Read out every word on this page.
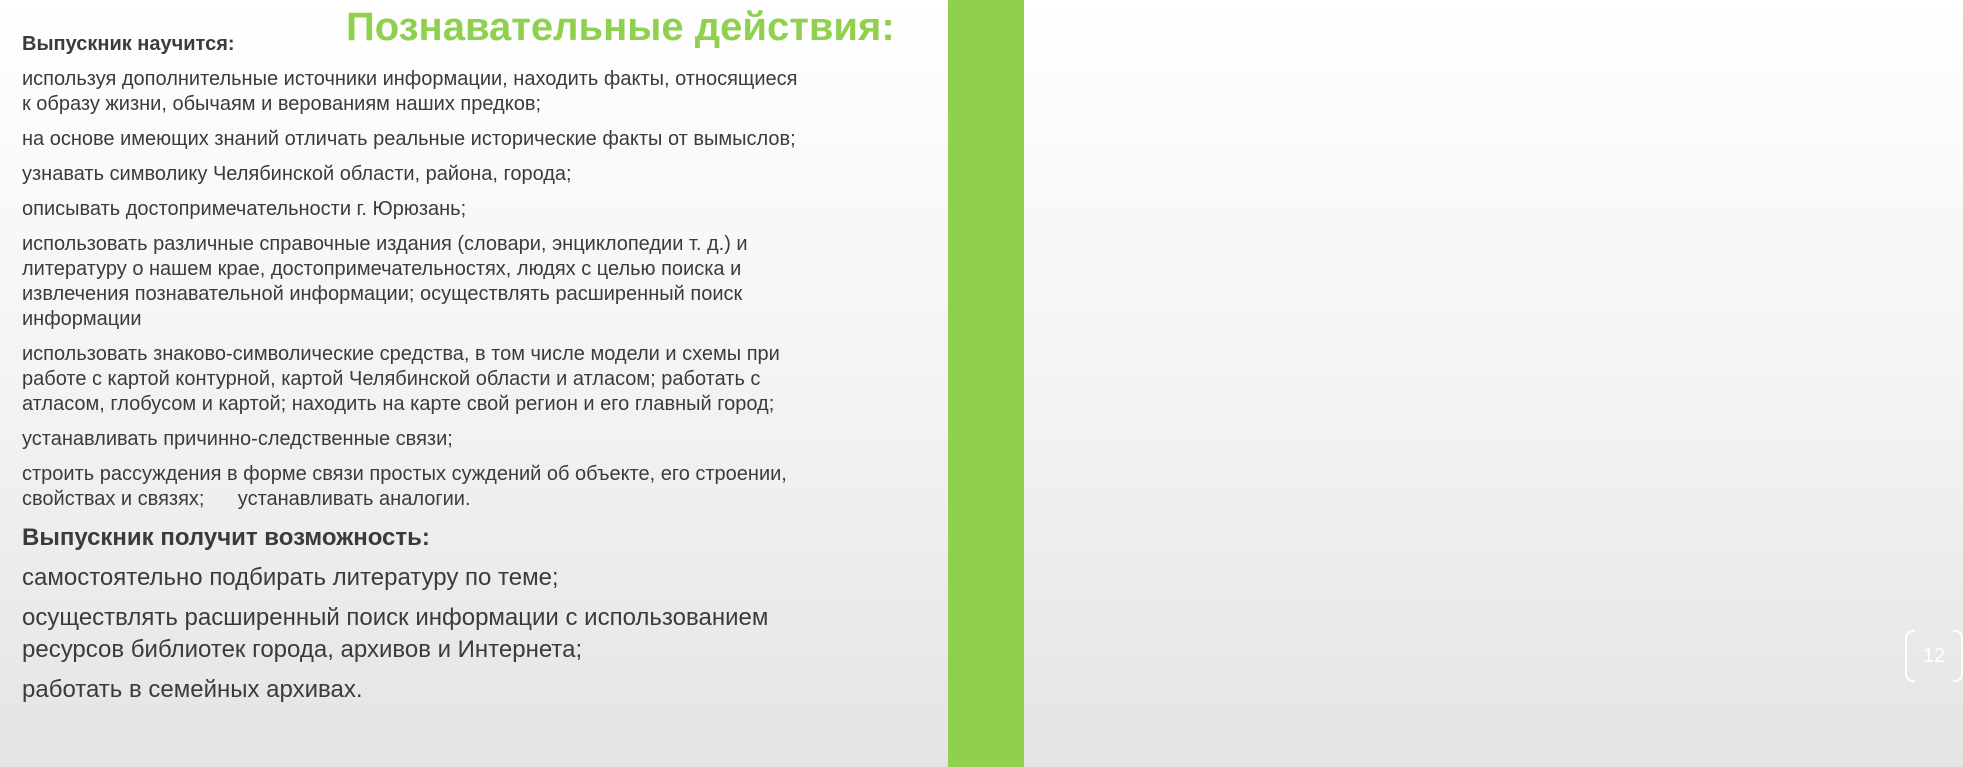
12
Познавательные действия:

Выпускник научится:

используя дополнительные источники информации, находить факты, относящиеся
к образу жизни, обычаям и верованиям наших предков;
на основе имеющих знаний отличать реальные исторические факты от вымыслов;
узнавать символику Челябинской области, района, города;
описывать достопримечательности г. Юрюзань;
использовать различные справочные издания (словари, энциклопедии т. д.) и
литературу о нашем крае, достопримечательностях, людях с целью поиска и
извлечения познавательной информации; осуществлять расширенный поиск
информации
использовать знаково-символические средства, в том числе модели и схемы при
работе с картой контурной, картой Челябинской области и атласом; работать с
атласом, глобусом и картой; находить на карте свой регион и его главный город;
устанавливать причинно-следственные связи;
строить рассуждения в форме связи простых суждений об объекте, его строении,
свойствах и связях;      устанавливать аналогии.

Выпускник получит возможность:

самостоятельно подбирать литературу по теме;
осуществлять расширенный поиск информации с использованием
ресурсов библиотек города, архивов и Интернета;
работать в семейных архивах.
